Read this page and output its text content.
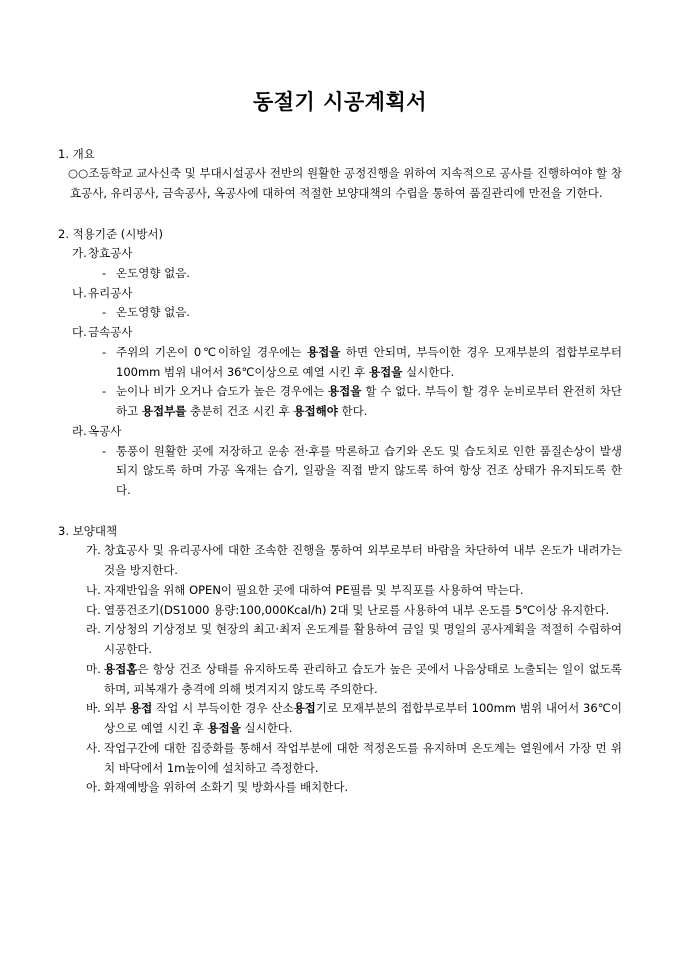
동절기 시공계획서

1. 개요

○○조등학교 교사신죽 및 부대시설공사 전반의 원활한 공정진행을 위하여 지속적으로 공사를 진행하여야 할 창효공사, 유리공사, 금속공사, 옥공사에 대하여 적절한 보양대책의 수립을 통하여 품질관리에 만전을 기한다.

2. 적용기준 (시방서)

가. 창효공사
- 온도영향 없음.
나. 유리공사
- 온도영향 없음.
다. 금속공사
- 주위의 기온이 0℃이하일 경우에는 용접을 하면 안되며, 부득이한 경우 모재부분의 접합부로부터 100mm 범위 내어서 36℃이상으로 예열 시킨 후 용접을 실시한다.
- 눈이나 비가 오거나 습도가 높은 경우에는 용접을 할 수 없다. 부득이 할 경우 눈비로부터 완전히 차단하고 용접부를 충분히 건조 시킨 후 용접해야 한다.
라. 옥공사
- 통풍이 원활한 곳에 저장하고 운송 전·후를 막론하고 습기와 온도 및 습도치로 인한 품질손상이 발생되지 않도록 하며 가공 옥재는 습기, 일광을 직접 받지 않도록 하여 항상 건조 상태가 유지되도록 한다.

3. 보양대책

가. 창효공사 및 유리공사에 대한 조속한 진행을 통하여 외부로부터 바람을 차단하여 내부 온도가 내려가는 것을 방지한다.
나. 자재반입을 위해 OPEN이 필요한 곳에 대하여 PE필름 및 부직포를 사용하여 막는다.
다. 열풍건조기(DS1000 용량:100,000Kcal/h) 2대 및 난로를 사용하여 내부 온도를 5℃이상 유지한다.
라. 기상청의 기상정보 및 현장의 최고·최저 온도계를 활용하여 금일 및 명일의 공사계획을 적절히 수립하여 시공한다.
마. 용접홈은 항상 건조 상태를 유지하도록 관리하고 습도가 높은 곳에서 나음상태로 노출되는 일이 없도록 하며, 피복재가 충격에 의해 벗겨지지 않도록 주의한다.
바. 외부 용접 작업 시 부득이한 경우 산소용접기로 모재부분의 접합부로부터 100mm 범위 내어서 36℃이상으로 예열 시킨 후 용접을 실시한다.
사. 작업구간에 대한 집중화를 통해서 작업부분에 대한 적정온도를 유지하며 온도계는 열원에서 가장 먼 위치 바닥에서 1m높이에 설치하고 즉정한다.
아. 화재예방을 위하여 소화기 및 방화사를 배치한다.
